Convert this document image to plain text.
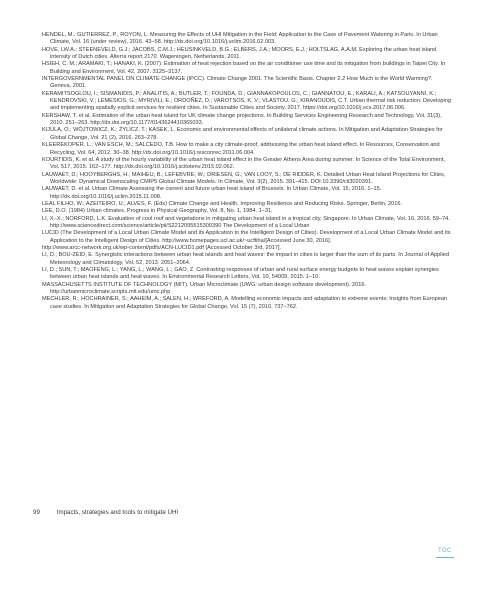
HENDEL, M., GUTIERREZ, P., ROYON, L. Measuring the Effects of UHI Mitigation in the Field: Application to the Case of Pavement Watering in Paris. In Urban Climate, Vol. 16 (under review), 2016. 43–58. http://dx.doi.org/10.1016/j.uclim.2016.02.003.

HOVE, LW.A.; STEENEVELD, G.J.; JACOBS, C.M.J.; HEUSINKVELD, B.G.; ELBERS, J.A.; MOORS, E.J.; HOLTSLAG, A.A.M. Exploring the urban heat island intensity of Dutch cities. Alterra report 2170. Wageningen, Netherlands, 2011.

HSIEH, C. M.; ARAMAKI, T.; HANAKI, K. (2007). Estimation of heat rejection based on the air conditioner use time and its mitigation from buildings in Taipei City. In Building and Environment, Vol. 42, 2007. 3125–3137.

INTERGOVERNMENTAL PANEL ON CLIMATE CHANGE (IPCC). Climate Change 2001. The Scientific Basis. Chapter 2.2 How Much is the World Warming?. Geneva, 2001.

KERAMITSOGLOU, I.; SISMANIDIS, P.; ANALITIS, A.; BUTLER, T.; FOUNDA, D.; GIANNAKOPOULOS, C.; GIANNATOU, E.; KARALI, A.; KATSOUYANNI, K.; KENDROVSKI, V.; LEMESIOS, G.; MYRIVILI, E.; ORDOÑEZ, D.; VAROTSOS, K. V.; VLASTOU, G.; KIRANOUDIS, C.T. Urban thermal risk reduction: Developing and implementing spatially explicit services for resilient cities. In Sustainable Cities and Society, 2017. https://doi.org/10.1016/j.scs.2017.06.006.

KERSHAW, T. et al. Estimation of the urban heat island for UK climate change projections. In Building Services Engineering Research and Technology, Vol. 31(3), 2010. 251–263. http://dx.doi.org/10.1177/0143624410365033.

KIJULA, O.; WÓJTOWICZ, K.; ŻYLICZ, T.; KASEK, L. Economic and environmental effects of unilateral climate actions. In Mitigation and Adaptation Strategies for Global Change, Vol. 21 (2), 2016. 263–278.

KLEEREKOPER, L.; VAN ESCH, M.; SALCEDO, T.B. How to make a city climate-proof, addressing the urban heat island effect. In Resources, Conservation and Recycling, Vol. 64, 2012. 30–38. http://dx.doi.org/10.1016/j.resconrec.2011.06.004.

KOURTIDIS, K. et al. A study of the hourly variability of the urban heat island effect in the Greater Athens Area during summer. In Science of the Total Environment, Vol. 517, 2015. 162–177. http://dx.doi.org/10.1016/j.scitotenv.2015.02.062.

LAUWAET, D.; HOOYBERGHS, H.; MAIHEU, B.; LEFEBVRE, W.; DRIESEN, G.; VAN LOOY, S.; DE RIDDER, K. Detailed Urban Heat Island Projections for Cities, Worldwide: Dynamical Downscaling CMIP5 Global Climate Models. In Climate, Vol. 3(2), 2015. 391–415. DOI:10.3390/cli3020391.

LAUWAET, D. et al. Urban Climate Assessing the current and future urban heat island of Brussels. In Urban Climate, Vol. 15, 2016. 1–15. http://dx.doi.org/10.1016/j.uclim.2015.11.008.

LEAL FILHO, W.; AZEITEIRO, U.; ALVES, F. (Eds) Climate Change and Health. Improving Resilience and Reducing Risks. Springer, Berlin, 2016.

LEE, D.O. (1984) Urban climates, Progress in Physical Geography, Vol. 8, No. 1, 1984. 1–31.

LI, X.-X.; NORFORD, L.K. Evaluation of cool roof and vegetations in mitigating urban heat island in a tropical city, Singapore. In Urban Climate, Vol. 16, 2016. 59–74. http://www.sciencedirect.com/science/article/pii/S2212095515300390 The Development of a Local Urban

LUCID (The Development of a Local Urban Climate Model and its Application to the Intelligent Design of Cities). Development of a Local Urban Climate Model and its Application to the Intelligent Design of Cities. http://www.homepages.ucl.ac.uk/~ucftiha/[Accessed June 30, 2016].

http://www.arcc-network.org.uk/wp-content/pdfs/ACN-LUCID1.pdf [Accessed October 3rd, 2017].

LI, D.; BOU-ZEID, E. Synergistic interactions between urban heat islands and heat waves: the impact in cities is larger than the sum of its parts. In Journal of Applied Meteorology and Climatology, Vol. 52, 2013. 2051–2064.

LI, D.; SUN, T.; MAOFENG, L.; YANG, L.; WANG, L.; GAO, Z. Contrasting responses of urban and rural surface energy budgets to heat waves explain synergies between urban heat islands and heat waves. In Environmental Research Letters, Vol. 10, 54009, 2015. 1–10.

MASSACHUSETTS INSTITUTE OF TECHNOLOGY (MIT). Urban Microclimate (UWG: urban design software development). 2016. http://urbanmicroclimate.scripts.mit.edu/umc.php

MECHLER, R.; HOCHRAINER, S.; AAHEIM, A.; SALEN, H.; WREFORD, A. Modelling economic impacts and adaptation to extreme events: Insights from European case studies. In Mitigation and Adaptation Strategies for Global Change, Vol. 15 (7), 2010. 737–762.

99	Impacts, strategies and tools to mitigate UHI
TOC
